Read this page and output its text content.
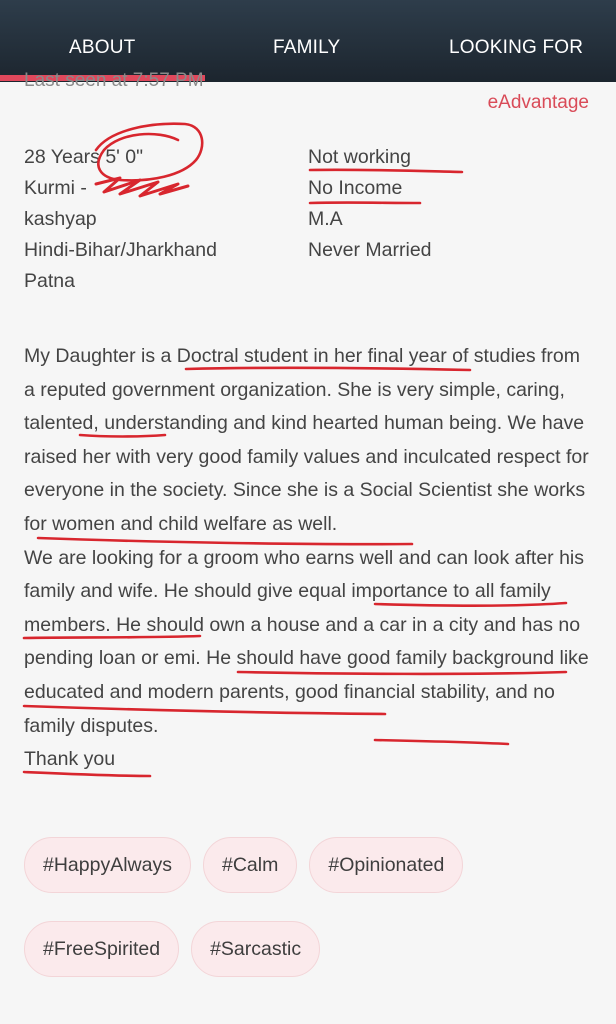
ABOUT	FAMILY	LOOKING FOR
Last seen at 7:57 PM
eAdvantage
28 Years 5' 0"
Kurmi -
kashyap
Hindi-Bihar/Jharkhand
Patna
Not working
No Income
M.A
Never Married

My Daughter is a Doctral student in her final year of studies from a reputed government organization. She is very simple, caring, talented, understanding and kind hearted human being. We have raised her with very good family values and inculcated respect for everyone in the society. Since she is a Social Scientist she works for women and child welfare as well.

We are looking for a groom who earns well and can look after his family and wife. He should give equal importance to all family members. He should own a house and a car in a city and has no pending loan or emi. He should have good family background like educated and modern parents, good financial stability, and no family disputes.

Thank you

#HappyAlways	#Calm	#Opinionated
#FreeSpirited	#Sarcastic
